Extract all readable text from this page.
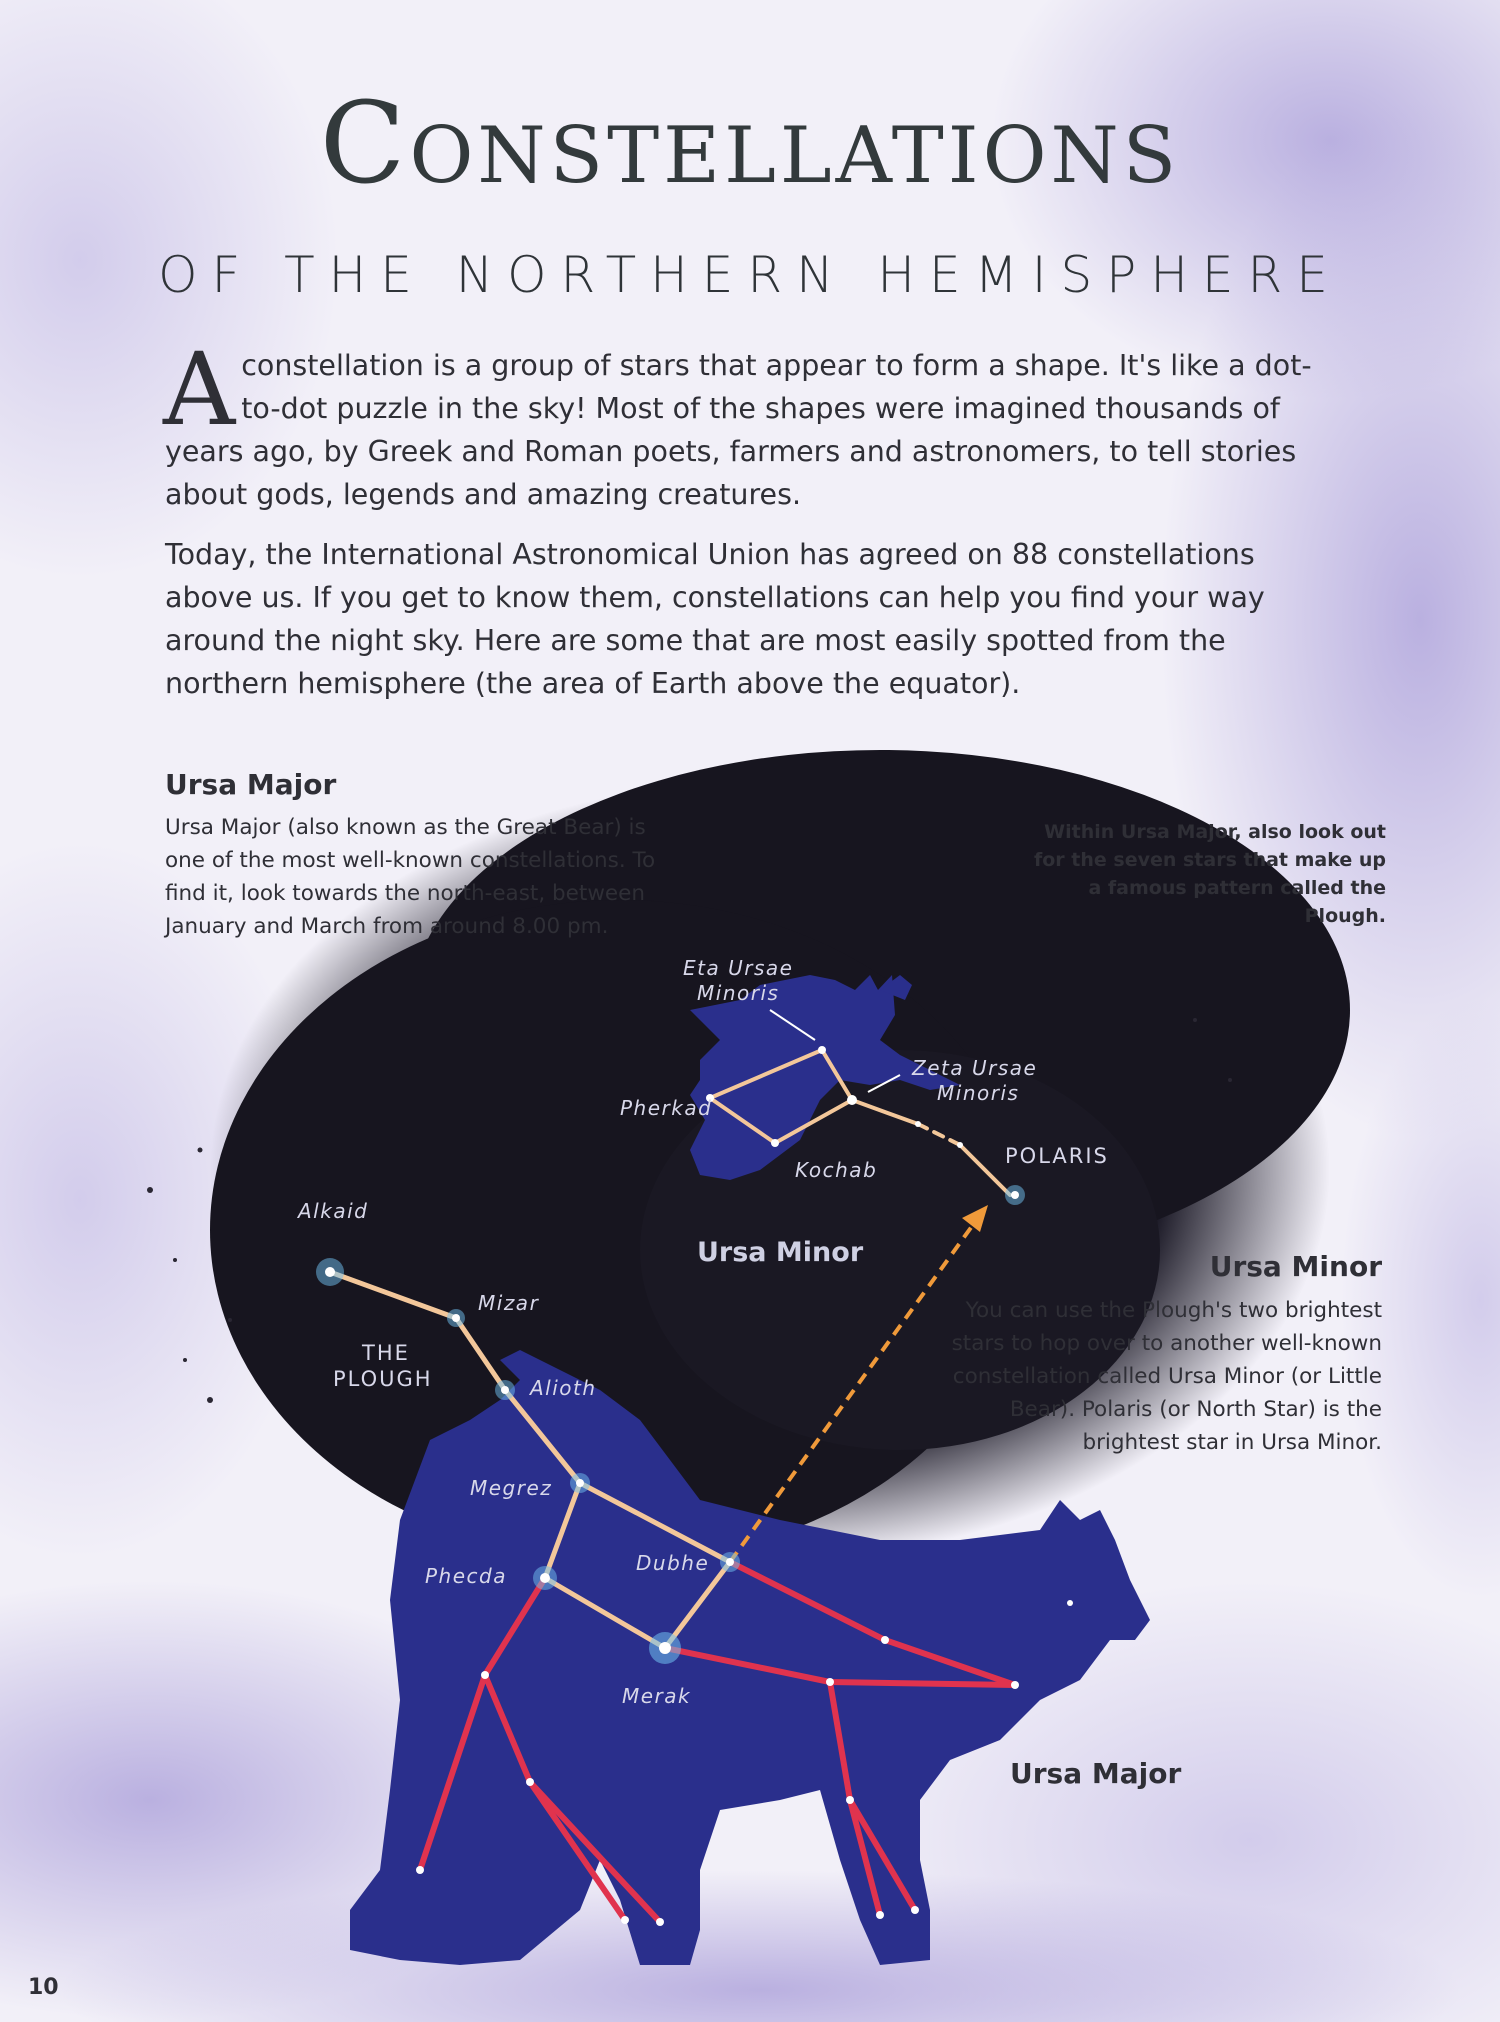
Eta Ursae
Minoris
Zeta Ursae
Minoris
Pherkad
Kochab
Alkaid
Mizar
Alioth
Megrez
Phecda
Dubhe
Merak
POLARIS
THE
PLOUGH
Ursa Minor
Ursa Major
Constellations
OF THE NORTHERN HEMISPHERE

Aconstellation is a group of stars that appear to form a shape. It's like a dot-to-dot puzzle in the sky! Most of the shapes were imagined thousands of years ago, by Greek and Roman poets, farmers and astronomers, to tell stories about gods, legends and amazing creatures.

Today, the International Astronomical Union has agreed on 88 constellations above us. If you get to know them, constellations can help you find your way around the night sky. Here are some that are most easily spotted from the northern hemisphere (the area of Earth above the equator).

Ursa Major

Ursa Major (also known as the Great Bear) is one of the most well-known constellations. To find it, look towards the north-east, between January and March from around 8.00 pm.

Within Ursa Major, also look out for the seven stars that make up a famous pattern called the Plough.

Ursa Minor

You can use the Plough's two brightest stars to hop over to another well-known constellation called Ursa Minor (or Little Bear). Polaris (or North Star) is the brightest star in Ursa Minor.

10
